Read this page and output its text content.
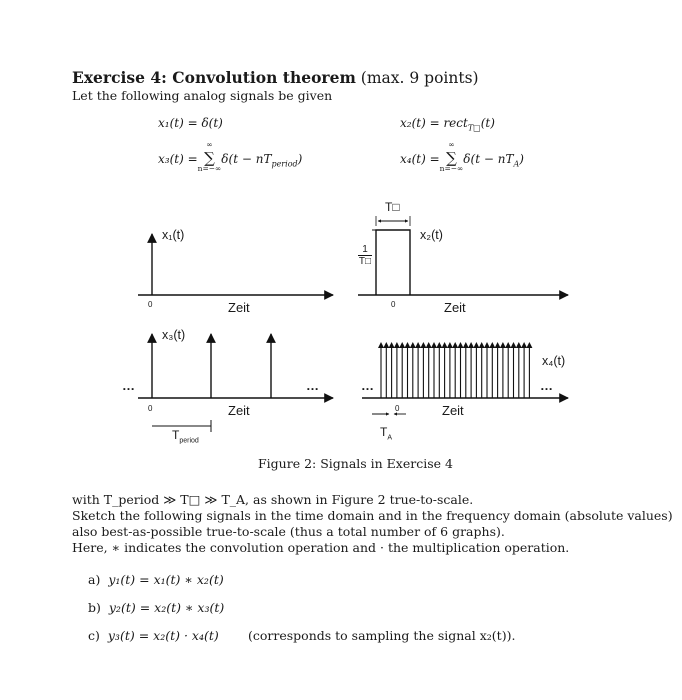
Exercise 4: Convolution theorem (max. 9 points)
Let the following analog signals be given
x₁(t) = δ(t)	x₂(t) = rect$_{T□}$(t)
x₃(t) = ∑
∞
n=−∞
$\delta(t - nT_{period})$	x₄(t) = ∑
∞
n=−∞
$\delta(t - nT_A)$
x₁(t)
0	Zeit
x₂(t)
T□
1
T□
0	Zeit
x₃(t)
…	…
0	Zeit
$T_{period}$
x₄(t)
…	…
0	Zeit
$T_A$
Figure 2: Signals in Exercise 4
with T_period ≫ T□ ≫ T_A, as shown in Figure 2 true-to-scale.
Sketch the following signals in the time domain and in the frequency domain (absolute values)
also best-as-possible true-to-scale (thus a total number of 6 graphs).
Here, ∗ indicates the convolution operation and · the multiplication operation.
a) y₁(t) = x₁(t) ∗ x₂(t)
b) y₂(t) = x₂(t) ∗ x₃(t)
c) y₃(t) = x₂(t) · x₄(t) (corresponds to sampling the signal x₂(t)).
